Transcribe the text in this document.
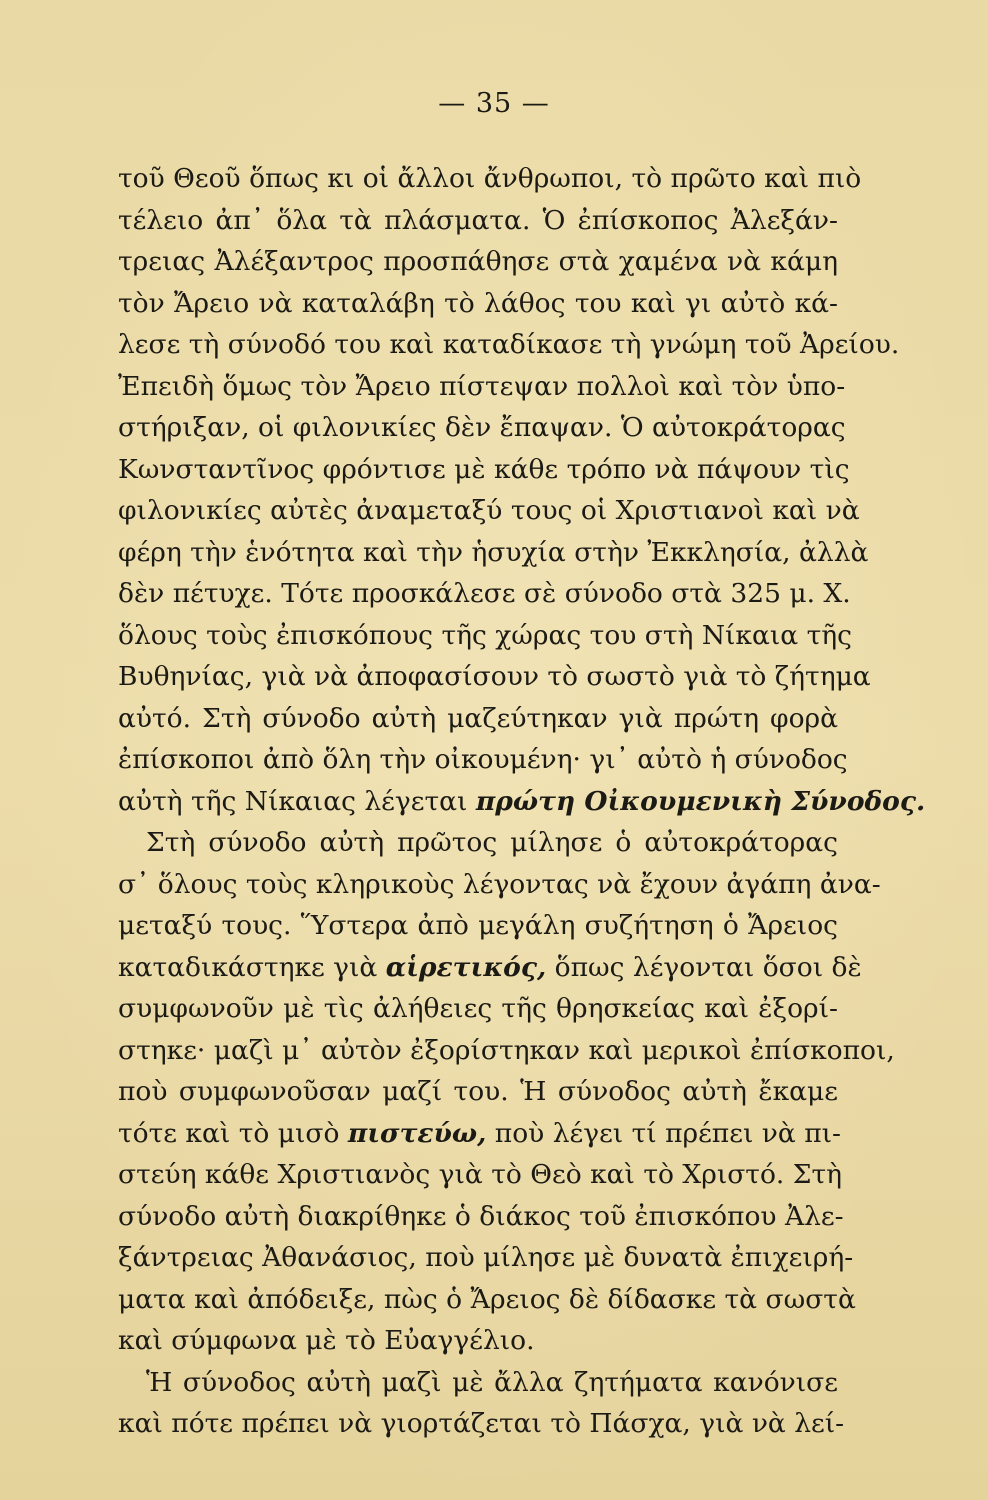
— 35 —
τοῦ Θεοῦ ὅπως κι οἱ ἄλλοι ἄνθρωποι, τὸ πρῶτο καὶ πιὸ
τέλειο ἀπ᾽ ὅλα τὰ πλάσματα. Ὁ ἐπίσκοπος Ἀλεξάν-
τρειας Ἀλέξαντρος προσπάθησε στὰ χαμένα νὰ κάμη
τὸν Ἄρειο νὰ καταλάβη τὸ λάθος του καὶ γι αὐτὸ κά-
λεσε τὴ σύνοδό του καὶ καταδίκασε τὴ γνώμη τοῦ Ἀρείου.
Ἐπειδὴ ὅμως τὸν Ἄρειο πίστεψαν πολλοὶ καὶ τὸν ὑπο-
στήριξαν, οἱ φιλονικίες δὲν ἔπαψαν. Ὁ αὐτοκράτορας
Κωνσταντῖνος φρόντισε μὲ κάθε τρόπο νὰ πάψουν τὶς
φιλονικίες αὐτὲς ἀναμεταξύ τους οἱ Χριστιανοὶ καὶ νὰ
φέρη τὴν ἑνότητα καὶ τὴν ἡσυχία στὴν Ἐκκλησία, ἀλλὰ
δὲν πέτυχε. Τότε προσκάλεσε σὲ σύνοδο στὰ 325 μ. Χ.
ὅλους τοὺς ἐπισκόπους τῆς χώρας του στὴ Νίκαια τῆς
Βυθηνίας, γιὰ νὰ ἀποφασίσουν τὸ σωστὸ γιὰ τὸ ζήτημα
αὐτό. Στὴ σύνοδο αὐτὴ μαζεύτηκαν γιὰ πρώτη φορὰ
ἐπίσκοποι ἀπὸ ὅλη τὴν οἰκουμένη· γι᾽ αὐτὸ ἡ σύνοδος
αὐτὴ τῆς Νίκαιας λέγεται πρώτη Οἰκουμενικὴ Σύνοδος.
Στὴ σύνοδο αὐτὴ πρῶτος μίλησε ὁ αὐτοκράτορας
σ᾽ ὅλους τοὺς κληρικοὺς λέγοντας νὰ ἔχουν ἀγάπη ἀνα-
μεταξύ τους. Ὕστερα ἀπὸ μεγάλη συζήτηση ὁ Ἄρειος
καταδικάστηκε γιὰ αἱρετικός, ὅπως λέγονται ὅσοι δὲ
συμφωνοῦν μὲ τὶς ἀλήθειες τῆς θρησκείας καὶ ἐξορί-
στηκε· μαζὶ μ᾽ αὐτὸν ἐξορίστηκαν καὶ μερικοὶ ἐπίσκοποι,
ποὺ συμφωνοῦσαν μαζί του. Ἡ σύνοδος αὐτὴ ἔκαμε
τότε καὶ τὸ μισὸ πιστεύω, ποὺ λέγει τί πρέπει νὰ πι-
στεύη κάθε Χριστιανὸς γιὰ τὸ Θεὸ καὶ τὸ Χριστό. Στὴ
σύνοδο αὐτὴ διακρίθηκε ὁ διάκος τοῦ ἐπισκόπου Ἀλε-
ξάντρειας Ἀθανάσιος, ποὺ μίλησε μὲ δυνατὰ ἐπιχειρή-
ματα καὶ ἀπόδειξε, πὼς ὁ Ἄρειος δὲ δίδασκε τὰ σωστὰ
καὶ σύμφωνα μὲ τὸ Εὐαγγέλιο.
Ἡ σύνοδος αὐτὴ μαζὶ μὲ ἄλλα ζητήματα κανόνισε
καὶ πότε πρέπει νὰ γιορτάζεται τὸ Πάσχα, γιὰ νὰ λεί-
